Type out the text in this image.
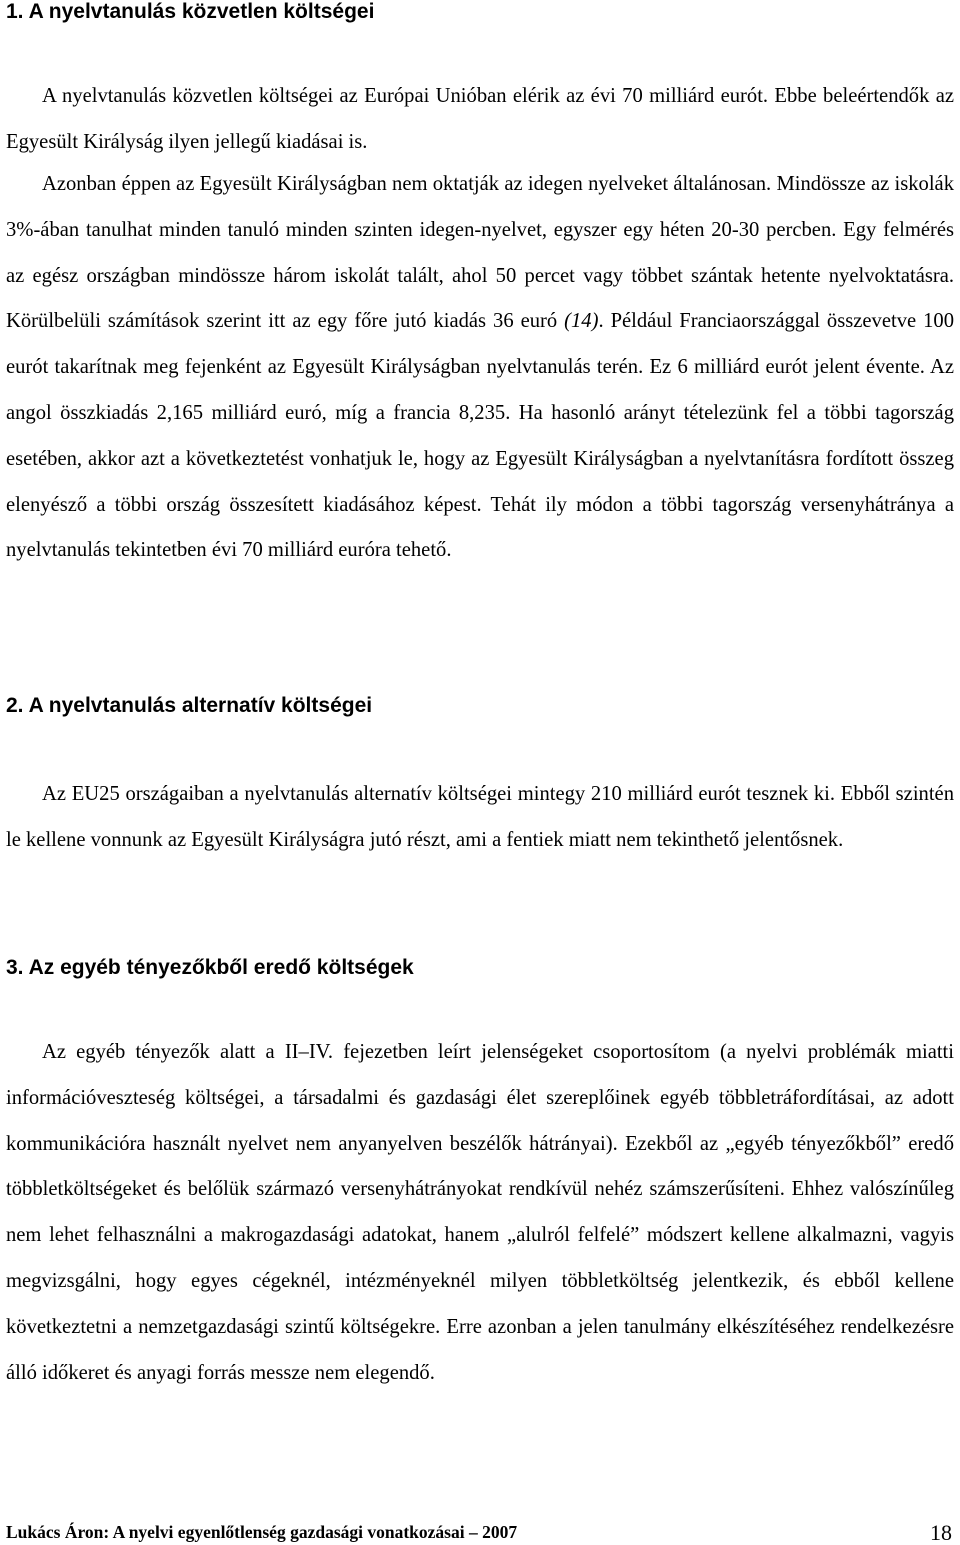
1. A nyelvtanulás közvetlen költségei

A nyelvtanulás közvetlen költségei az Európai Unióban elérik az évi 70 milliárd eurót. Ebbe beleértendők az Egyesült Királyság ilyen jellegű kiadásai is.

Azonban éppen az Egyesült Királyságban nem oktatják az idegen nyelveket általánosan. Mindössze az iskolák 3%-ában tanulhat minden tanuló minden szinten idegen-nyelvet, egyszer egy héten 20-30 percben. Egy felmérés az egész országban mindössze három iskolát talált, ahol 50 percet vagy többet szántak hetente nyelvoktatásra. Körülbelüli számítások szerint itt az egy főre jutó kiadás 36 euró (14). Például Franciaországgal összevetve 100 eurót takarítnak meg fejenként az Egyesült Királyságban nyelvtanulás terén. Ez 6 milliárd eurót jelent évente. Az angol összkiadás 2,165 milliárd euró, míg a francia 8,235. Ha hasonló arányt tételezünk fel a többi tagország esetében, akkor azt a következtetést vonhatjuk le, hogy az Egyesült Királyságban a nyelvtanításra fordított összeg elenyésző a többi ország összesített kiadásához képest. Tehát ily módon a többi tagország versenyhátránya a nyelvtanulás tekintetben évi 70 milliárd euróra tehető.

2. A nyelvtanulás alternatív költségei

Az EU25 országaiban a nyelvtanulás alternatív költségei mintegy 210 milliárd eurót tesznek ki. Ebből szintén le kellene vonnunk az Egyesült Királyságra jutó részt, ami a fentiek miatt nem tekinthető jelentősnek.

3. Az egyéb tényezőkből eredő költségek

Az egyéb tényezők alatt a II–IV. fejezetben leírt jelenségeket csoportosítom (a nyelvi problémák miatti információveszteség költségei, a társadalmi és gazdasági élet szereplőinek egyéb többletráfordításai, az adott kommunikációra használt nyelvet nem anyanyelven beszélők hátrányai). Ezekből az „egyéb tényezőkből” eredő többletköltségeket és belőlük származó versenyhátrányokat rendkívül nehéz számszerűsíteni. Ehhez valószínűleg nem lehet felhasználni a makrogazdasági adatokat, hanem „alulról felfelé” módszert kellene alkalmazni, vagyis megvizsgálni, hogy egyes cégeknél, intézményeknél milyen többletköltség jelentkezik, és ebből kellene következtetni a nemzetgazdasági szintű költségekre. Erre azonban a jelen tanulmány elkészítéséhez rendelkezésre álló időkeret és anyagi forrás messze nem elegendő.

Lukács Áron: A nyelvi egyenlőtlenség gazdasági vonatkozásai – 2007	18
